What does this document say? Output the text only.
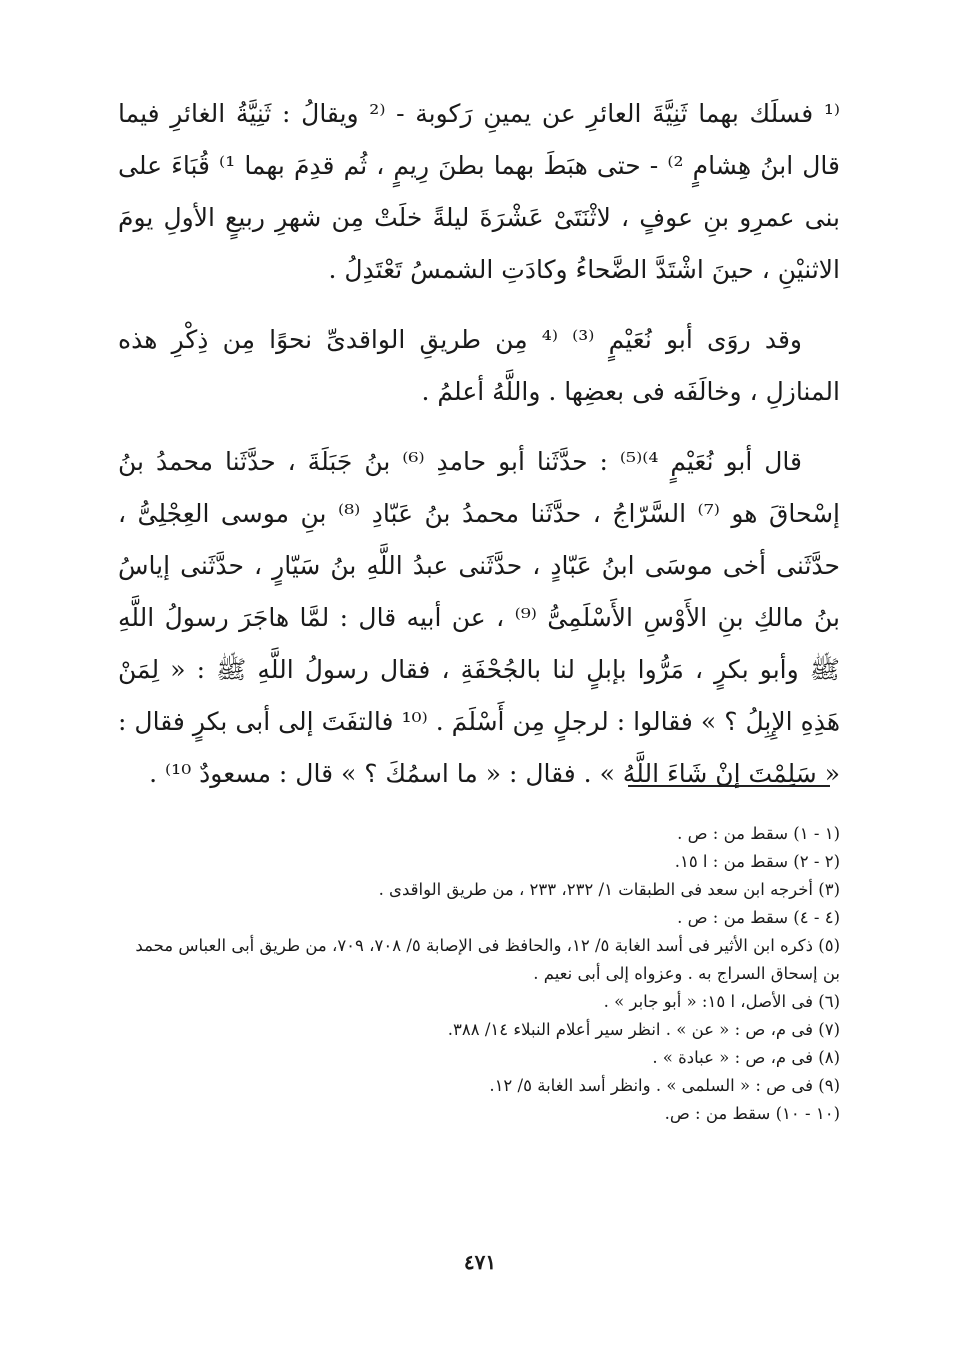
⁽¹ فسلَك بهما ثَنِيَّةَ العائرِ عن يمينِ رَكوبة - ⁽² ويقالُ : ثَنِيَّةُ الغائرِ فيما قال ابنُ هِشامٍ ²⁾ - حتى هبَطَ بهما بطنَ رِيمٍ ، ثُم قدِمَ بهما ¹⁾ قُبَاءَ على بنى عمرِو بنِ عوفٍ ، لاثْنَتَىْ عَشْرَةَ ليلةً خلَتْ مِن شهرِ ربيعٍ الأولِ يومَ الاثنيْنِ ، حينَ اشْتَدَّ الضَّحاءُ وكادَتِ الشمسُ تَعْتَدِلُ .

وقد روَى أبو نُعَيْمٍ ⁽³⁾ ⁽⁴ مِن طريقِ الواقدىِّ نحوًا مِن ذِكْرِ هذه المنازلِ ، وخالَفَه فى بعضِها . واللَّهُ أعلمُ .

قال أبو نُعَيْمٍ ⁴⁾⁽⁵⁾ : حدَّثَنا أبو حامدِ ⁽⁶⁾ بنُ جَبَلَةَ ، حدَّثَنا محمدُ بنُ إسْحاقَ هو ⁽⁷⁾ السَّرّاجُ ، حدَّثَنا محمدُ بنُ عَبّادِ ⁽⁸⁾ بنِ موسى العِجْلِىُّ ، حدَّثَنى أخى موسَى ابنُ عَبّادٍ ، حدَّثَنى عبدُ اللَّهِ بنُ سَيّارٍ ، حدَّثَنى إياسُ بنُ مالكِ بنِ الأَوْسِ الأَسْلَمِىُّ ⁽⁹⁾ ، عن أبيه قال : لمَّا هاجَرَ رسولُ اللَّهِ ﷺ وأبو بكرٍ ، مَرُّوا بإبلٍ لنا بالجُحْفَةِ ، فقال رسولُ اللَّهِ ﷺ : « لِمَنْ هَذِهِ الإِبِلُ ؟ » فقالوا : لرجلٍ مِن أَسْلَمَ . ⁽¹⁰ فالتفَتَ إلى أبى بكرٍ فقال : « سَلِمْتَ إنْ شَاءَ اللَّهُ » . فقال : « ما اسمُكَ ؟ » قال : مسعودٌ ¹⁰⁾ .

(١ - ١) سقط من : ص .

(٢ - ٢) سقط من : ا ١٥.

(٣) أخرجه ابن سعد فى الطبقات ١/ ٢٣٢، ٢٣٣ ، من طريق الواقدى .

(٤ - ٤) سقط من : ص .

(٥) ذكره ابن الأثير فى أسد الغابة ٥/ ١٢، والحافظ فى الإصابة ٥/ ٧٠٨، ٧٠٩، من طريق أبى العباس محمد بن إسحاق السراج به . وعزواه إلى أبى نعيم .

(٦) فى الأصل، ا ١٥: « أبو جابر » .

(٧) فى م، ص : « عن » . انظر سير أعلام النبلاء ١٤/ ٣٨٨.

(٨) فى م، ص : « عبادة » .

(٩) فى ص : « السلمى » . وانظر أسد الغابة ٥/ ١٢.

(١٠ - ١٠) سقط من : ص.

٤٧١
